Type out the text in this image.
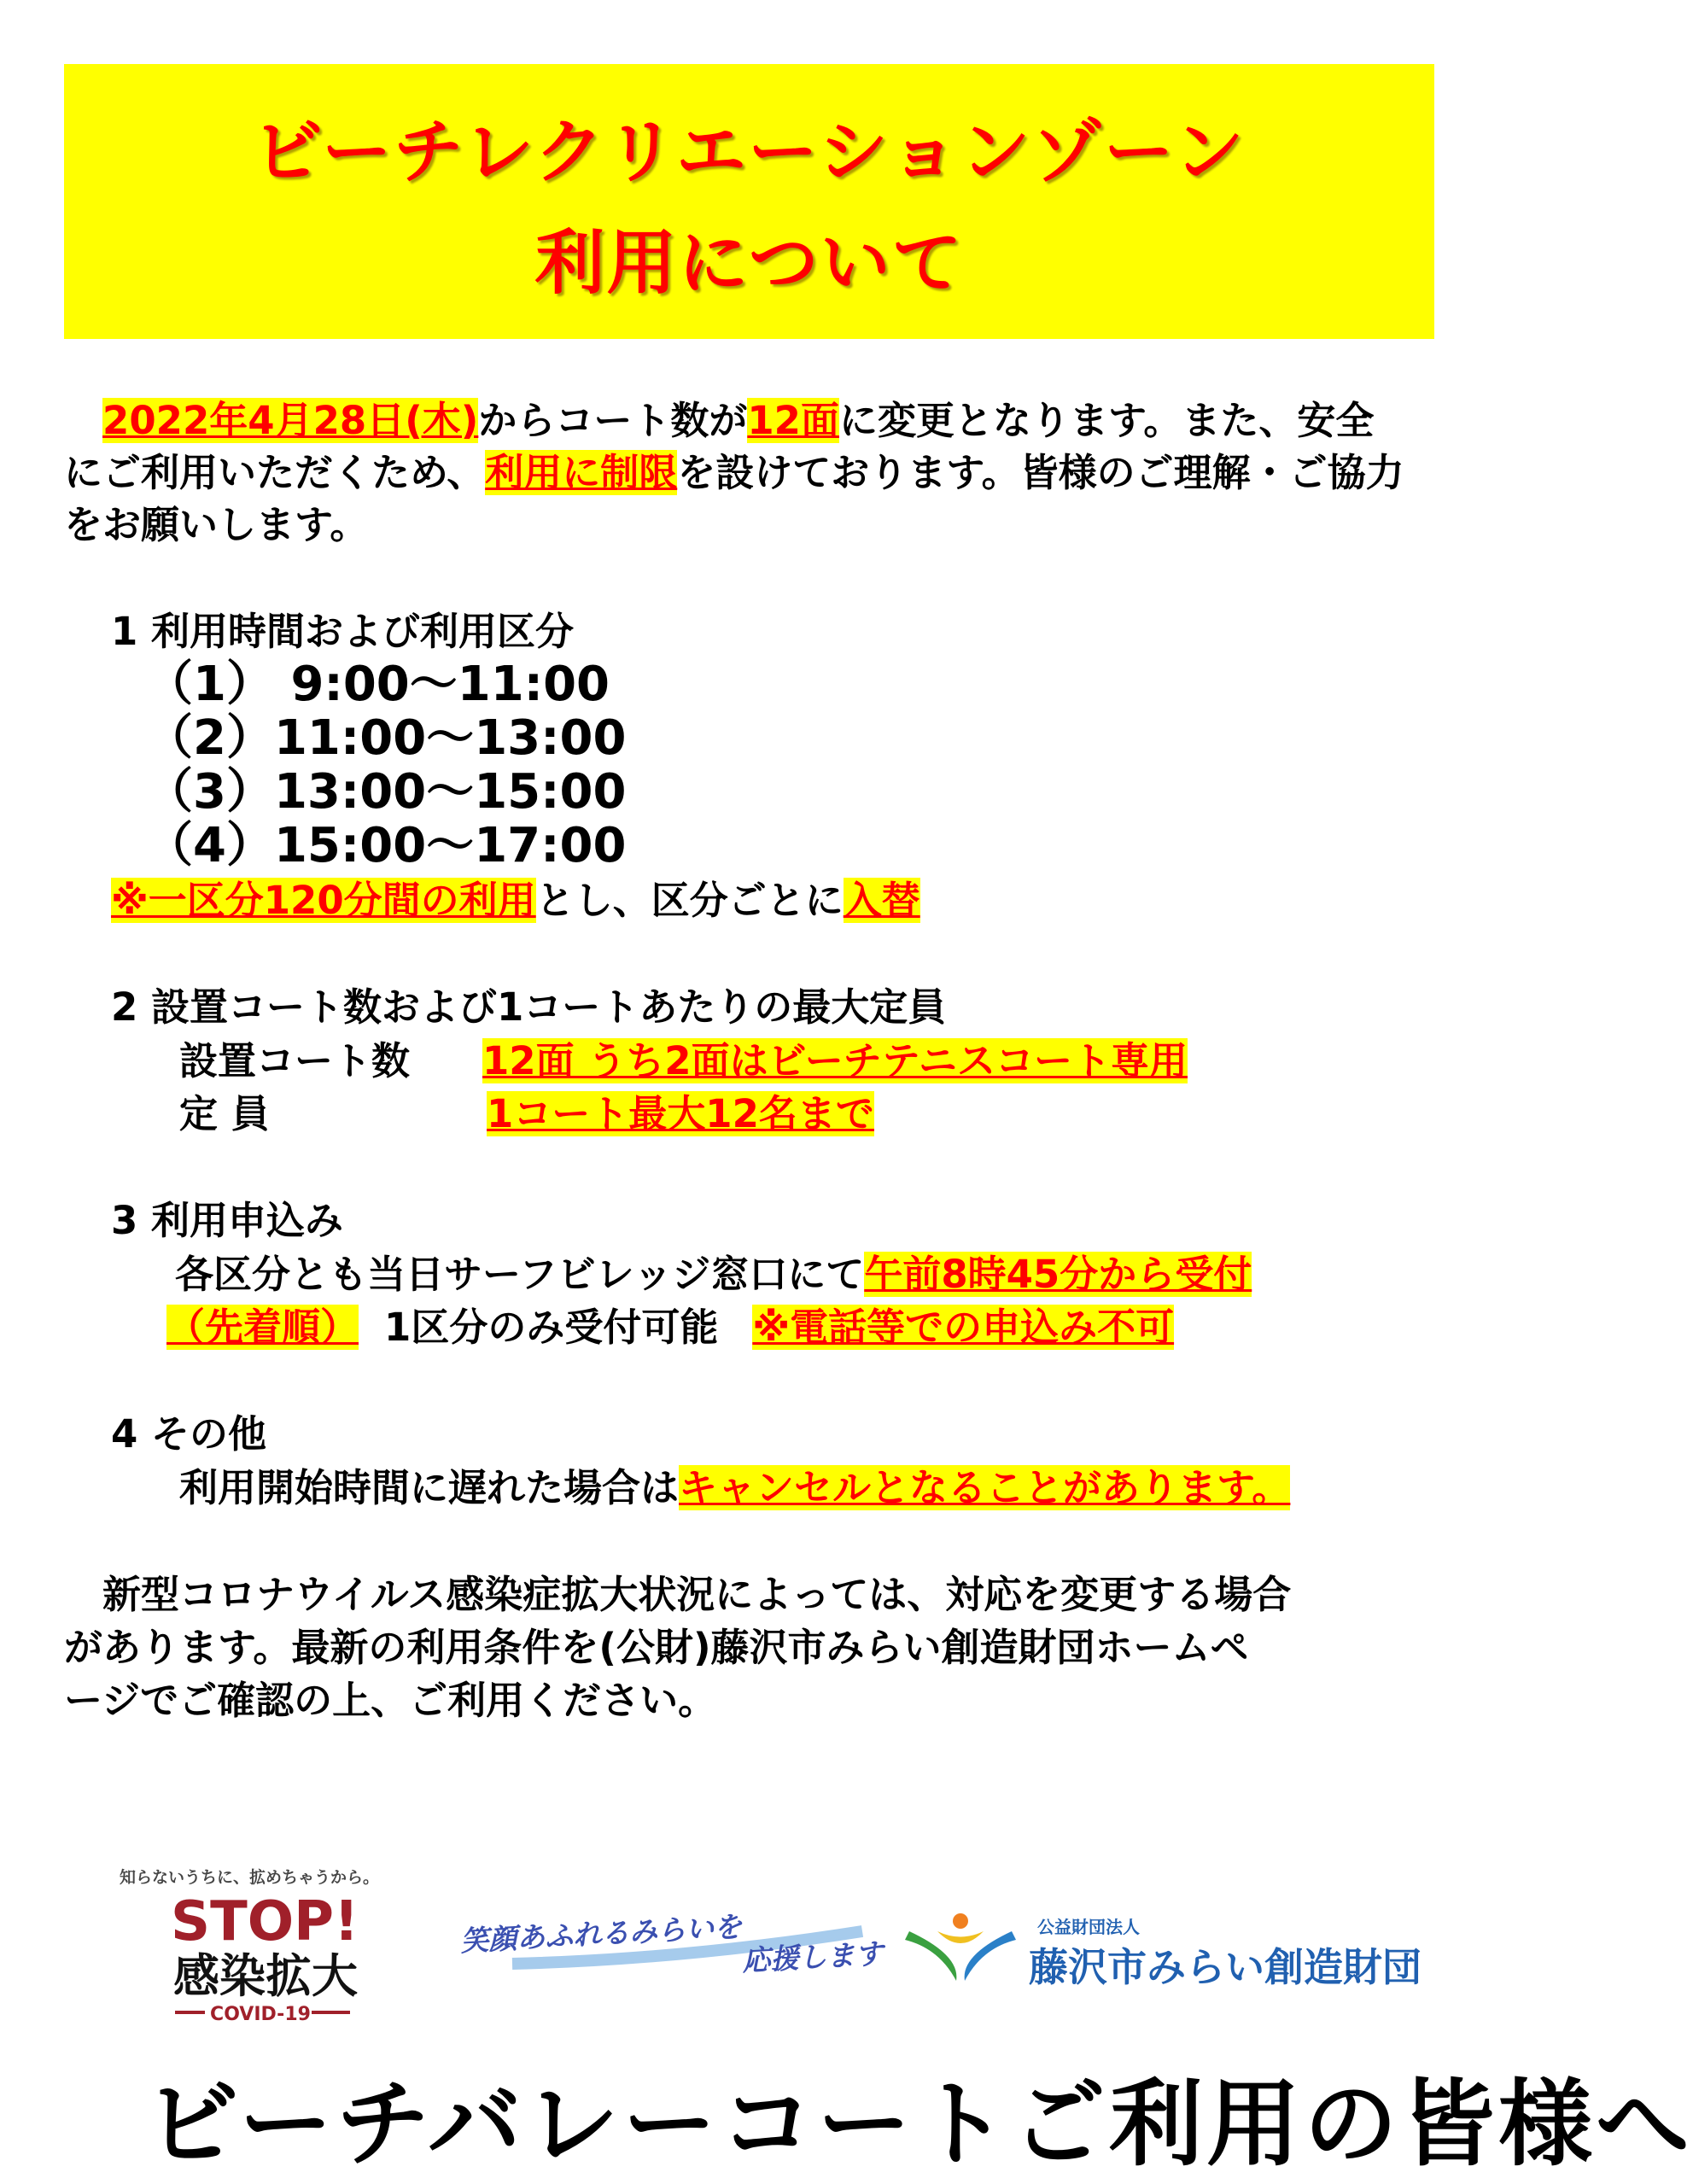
ビーチレクリエーションゾーン
利用について
　2022年4月28日(木)からコート数が12面に変更となります。また、安全
にご利用いただくため、利用に制限を設けております。皆様のご理解・ご協力
をお願いします。
1 利用時間および利用区分
（1） 9:00〜11:00
（2）11:00〜13:00
（3）13:00〜15:00
（4）15:00〜17:00
※一区分120分間の利用とし、区分ごとに入替
2 設置コート数および1コートあたりの最大定員
設置コート数 12面 うち2面はビーチテニスコート専用
定 員	1コート最大12名まで
3 利用申込み
各区分とも当日サーフビレッジ窓口にて午前8時45分から受付
（先着順） 1区分のみ受付可能 ※電話等での申込み不可
4 その他
利用開始時間に遅れた場合はキャンセルとなることがあります。
　新型コロナウイルス感染症拡大状況によっては、対応を変更する場合
があります。最新の利用条件を(公財)藤沢市みらい創造財団ホームペ
ージでご確認の上、ご利用ください。
ビーチバレーコートご利用の皆様へ
知らないうちに、拡めちゃうから。
STOP!
感染拡大
COVID-19
笑顔あふれるみらいを
応援します
公益財団法人
藤沢市みらい創造財団
